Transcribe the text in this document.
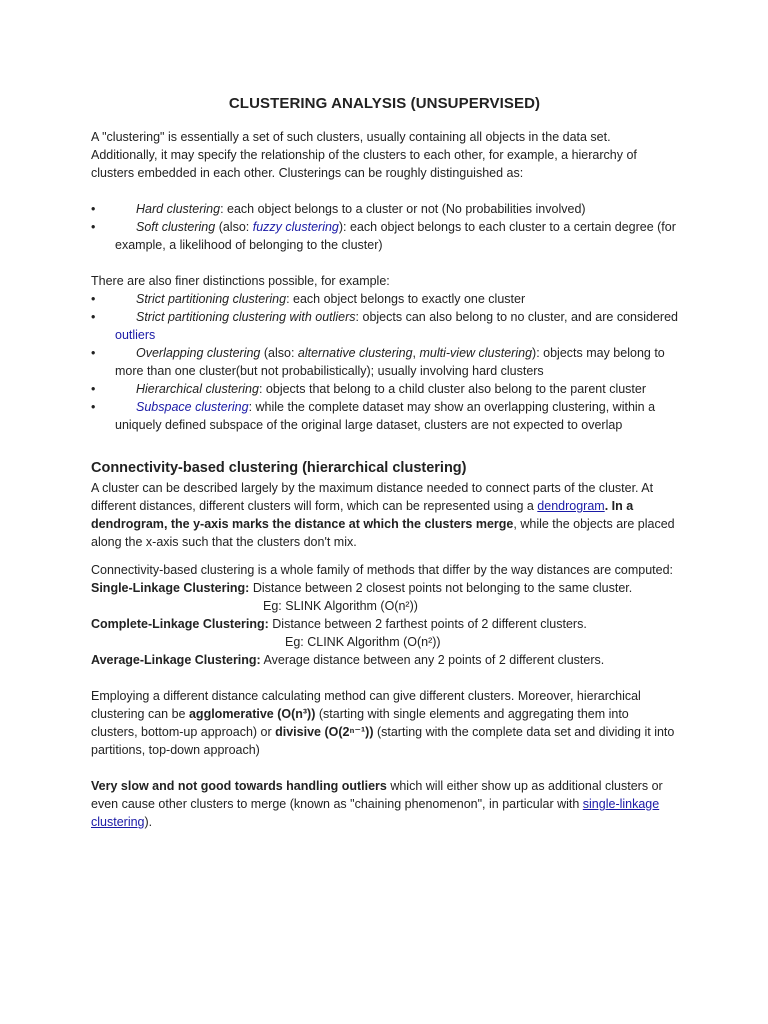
CLUSTERING ANALYSIS (UNSUPERVISED)

A "clustering" is essentially a set of such clusters, usually containing all objects in the data set. Additionally, it may specify the relationship of the clusters to each other, for example, a hierarchy of clusters embedded in each other. Clusterings can be roughly distinguished as:

•	Hard clustering: each object belongs to a cluster or not (No probabilities involved)
•	Soft clustering (also: fuzzy clustering): each object belongs to each cluster to a certain degree (for example, a likelihood of belonging to the cluster)

There are also finer distinctions possible, for example:

•	Strict partitioning clustering: each object belongs to exactly one cluster
•	Strict partitioning clustering with outliers: objects can also belong to no cluster, and are considered outliers
•	Overlapping clustering (also: alternative clustering, multi-view clustering): objects may belong to more than one cluster(but not probabilistically); usually involving hard clusters
•	Hierarchical clustering: objects that belong to a child cluster also belong to the parent cluster
•	Subspace clustering: while the complete dataset may show an overlapping clustering, within a uniquely defined subspace of the original large dataset, clusters are not expected to overlap
Connectivity-based clustering (hierarchical clustering)

A cluster can be described largely by the maximum distance needed to connect parts of the cluster. At different distances, different clusters will form, which can be represented using a dendrogram. In a dendrogram, the y-axis marks the distance at which the clusters merge, while the objects are placed along the x-axis such that the clusters don't mix.

Connectivity-based clustering is a whole family of methods that differ by the way distances are computed:

Single-Linkage Clustering: Distance between 2 closest points not belonging to the same cluster.

Eg: SLINK Algorithm (O(n²))

Complete-Linkage Clustering: Distance between 2 farthest points of 2 different clusters.

Eg: CLINK Algorithm (O(n²))

Average-Linkage Clustering: Average distance between any 2 points of 2 different clusters.

Employing a different distance calculating method can give different clusters. Moreover, hierarchical clustering can be agglomerative (O(n³)) (starting with single elements and aggregating them into clusters, bottom-up approach) or divisive (O(2ⁿ⁻¹)) (starting with the complete data set and dividing it into partitions, top-down approach)

Very slow and not good towards handling outliers which will either show up as additional clusters or even cause other clusters to merge (known as "chaining phenomenon", in particular with single-linkage clustering).
